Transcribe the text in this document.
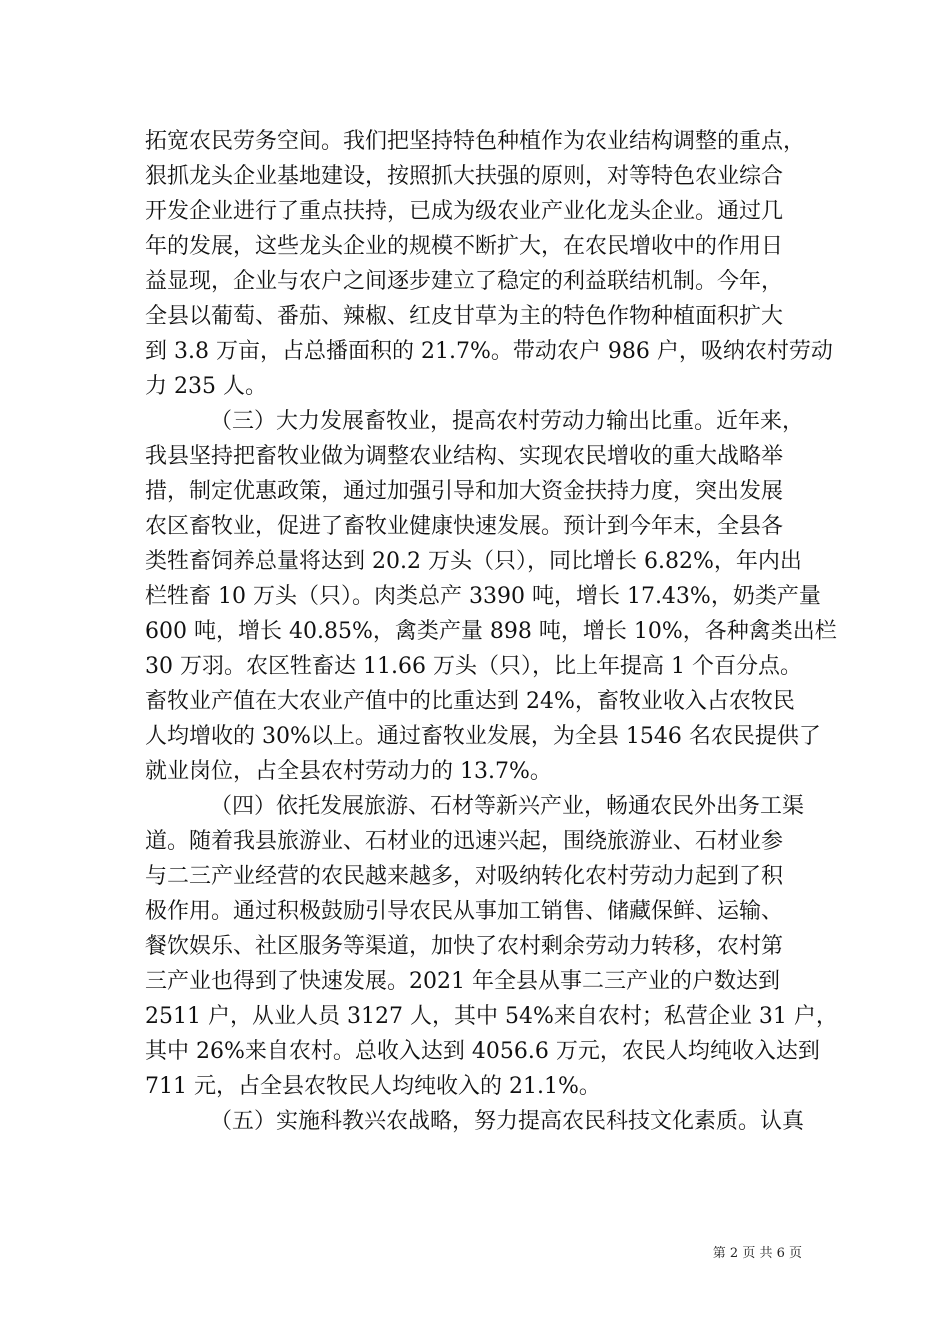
拓宽农民劳务空间。我们把坚持特色种植作为农业结构调整的重点，
狠抓龙头企业基地建设，按照抓大扶强的原则，对等特色农业综合
开发企业进行了重点扶持，已成为级农业产业化龙头企业。通过几
年的发展，这些龙头企业的规模不断扩大，在农民增收中的作用日
益显现，企业与农户之间逐步建立了稳定的利益联结机制。今年，
全县以葡萄、番茄、辣椒、红皮甘草为主的特色作物种植面积扩大
到 3.8 万亩，占总播面积的 21.7%。带动农户 986 户，吸纳农村劳动
力 235 人。
（三）大力发展畜牧业，提高农村劳动力输出比重。近年来，
我县坚持把畜牧业做为调整农业结构、实现农民增收的重大战略举
措，制定优惠政策，通过加强引导和加大资金扶持力度，突出发展
农区畜牧业，促进了畜牧业健康快速发展。预计到今年末，全县各
类牲畜饲养总量将达到 20.2 万头（只），同比增长 6.82%，年内出
栏牲畜 10 万头（只）。肉类总产 3390 吨，增长 17.43%，奶类产量
600 吨，增长 40.85%，禽类产量 898 吨，增长 10%，各种禽类出栏
30 万羽。农区牲畜达 11.66 万头（只），比上年提高 1 个百分点。
畜牧业产值在大农业产值中的比重达到 24%，畜牧业收入占农牧民
人均增收的 30%以上。通过畜牧业发展，为全县 1546 名农民提供了
就业岗位，占全县农村劳动力的 13.7%。
（四）依托发展旅游、石材等新兴产业，畅通农民外出务工渠
道。随着我县旅游业、石材业的迅速兴起，围绕旅游业、石材业参
与二三产业经营的农民越来越多，对吸纳转化农村劳动力起到了积
极作用。通过积极鼓励引导农民从事加工销售、储藏保鲜、运输、
餐饮娱乐、社区服务等渠道，加快了农村剩余劳动力转移，农村第
三产业也得到了快速发展。2021 年全县从事二三产业的户数达到
2511 户，从业人员 3127 人，其中 54%来自农村；私营企业 31 户，
其中 26%来自农村。总收入达到 4056.6 万元，农民人均纯收入达到
711 元，占全县农牧民人均纯收入的 21.1%。
（五）实施科教兴农战略，努力提高农民科技文化素质。认真
第 2 页 共 6 页
